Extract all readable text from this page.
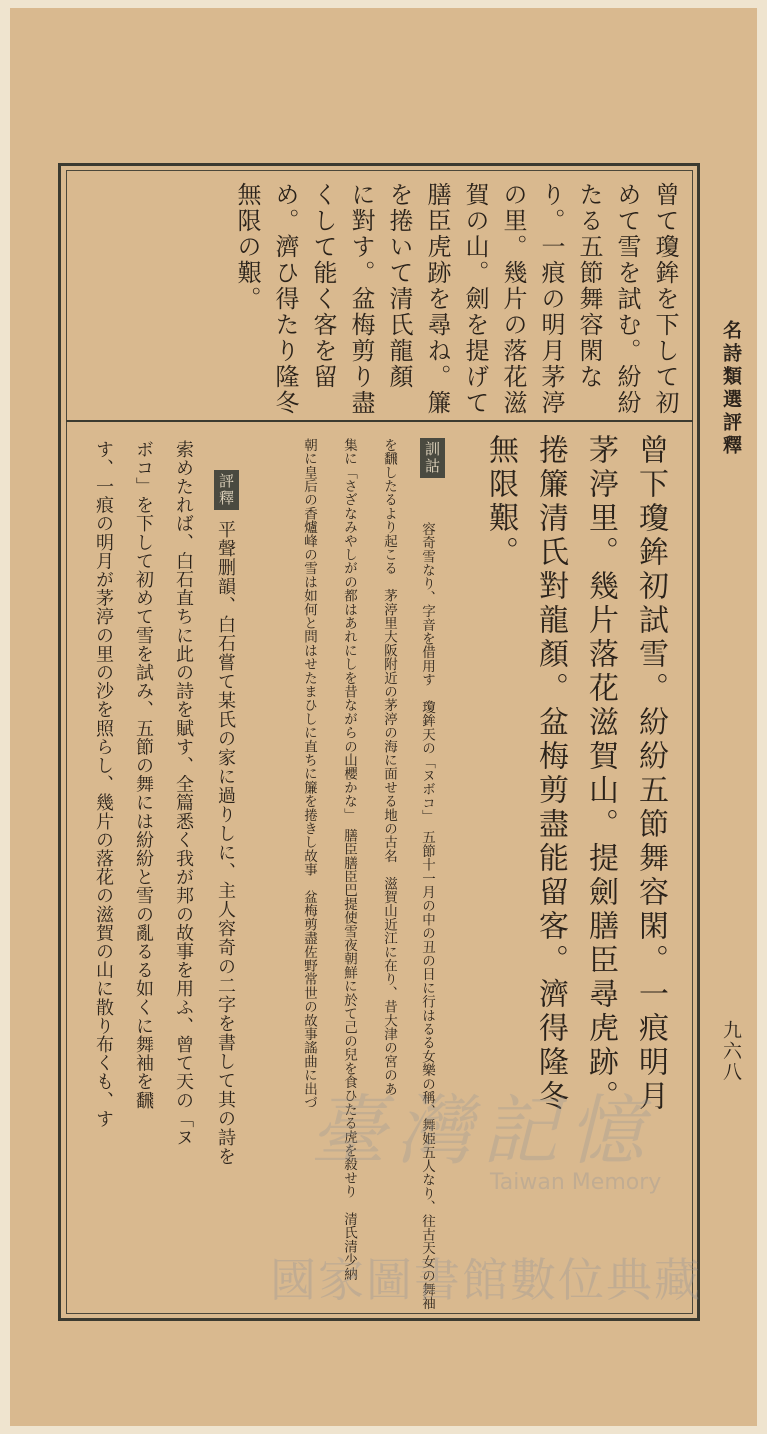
名詩類選評釋
九六八
曾て瓊鉾を下して初
めて雪を試む。紛紛
たる五節舞容閑な
り。一痕の明月茅渟
の里。幾片の落花滋
賀の山。劍を提げて
膳臣虎跡を尋ね。簾
を捲いて清氏龍顏
に對す。盆梅剪り盡
くして能く客を留
め。濟ひ得たり隆冬
無限の艱。
曾下瓊鉾初試雪。紛紛五節舞容閑。一痕明月
茅渟里。幾片落花滋賀山。提劍膳臣尋虎跡。
捲簾清氏對龍顏。盆梅剪盡能留客。濟得隆冬
無限艱。
訓詁
容奇雪なり、字音を借用す　瓊鉾天の「ヌボコ」　五節十一月の中の丑の日に行はるる女樂の稱、舞姫五人なり、往古天女の舞袖
を飜したるより起こる　茅渟里大阪附近の茅渟の海に面せる地の古名　滋賀山近江に在り、昔大津の宮のあ
集に「さざなみやしがの都はあれにしを昔ながらの山櫻かな」　膳臣膳臣巴提使雪夜朝鮮に於て己の兒を食ひたる虎を殺せり　清氏清少納
朝に皇后の香爐峰の雪は如何と問はせたまひしに直ちに簾を捲きし故事　盆梅剪盡佐野常世の故事謠曲に出づ
評釋
平聲删韻、白石嘗て某氏の家に過りしに、主人容奇の二字を書して其の詩を
索めたれば、白石直ちに此の詩を賦す、全篇悉く我が邦の故事を用ふ、曾て天の「ヌ
ボコ」を下して初めて雪を試み、五節の舞には紛紛と雪の亂るる如くに舞袖を飜
す、一痕の明月が茅渟の里の沙を照らし、幾片の落花の滋賀の山に散り布くも、す
臺灣記憶
Taiwan Memory
國家圖書館數位典藏
